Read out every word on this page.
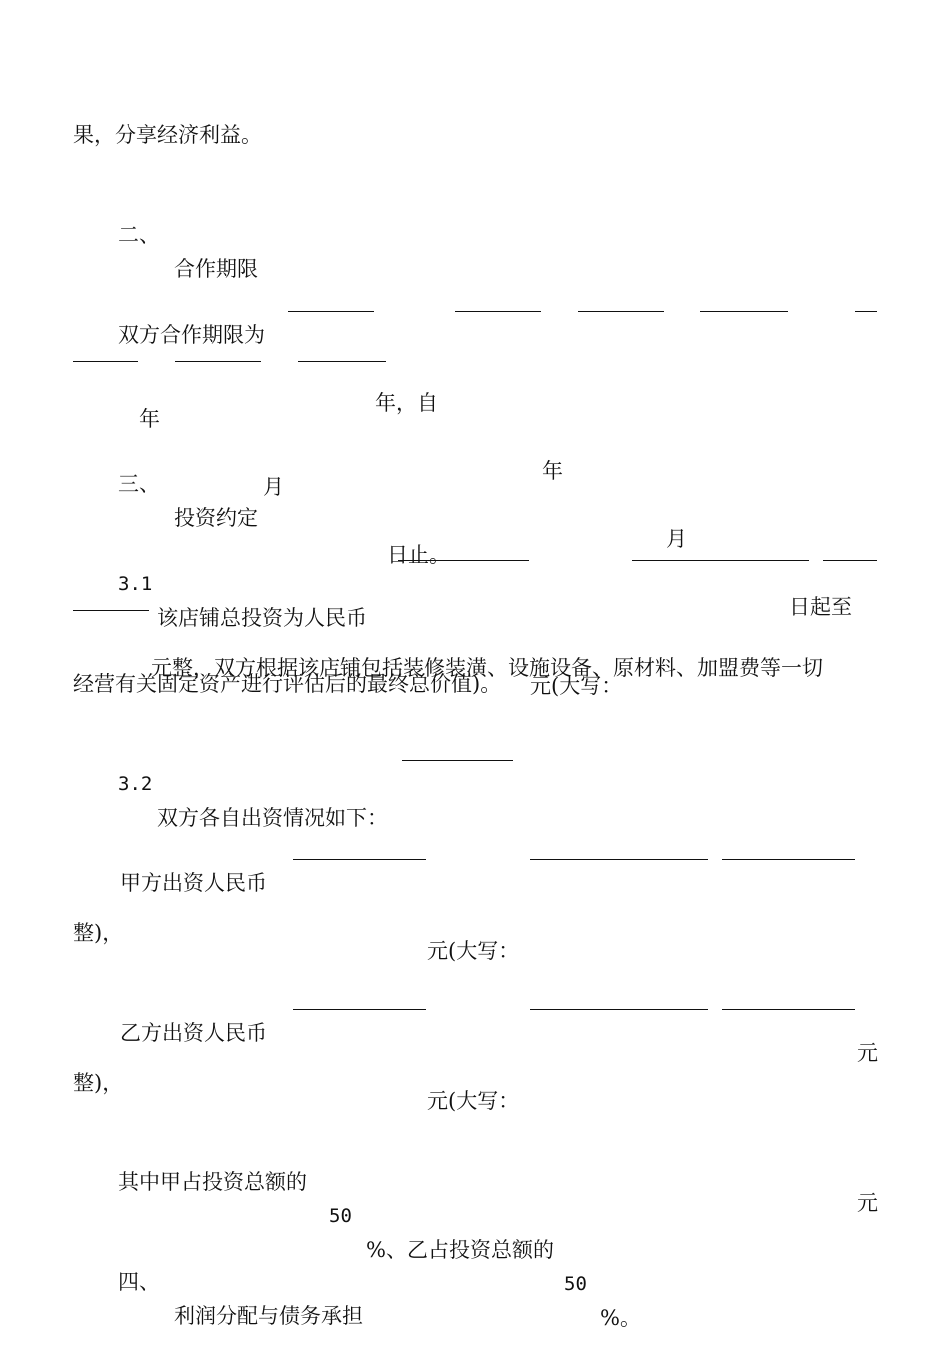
果，分享经济利益。

二、

合作期限

双方合作期限为

年，自

年

月

日起至

年

月

日止。

三、

投资约定

3.1

该店铺总投资为人民币

元(大写：

元整，双方根据该店铺包括装修装潢、设施设备、原材料、加盟费等一切

经营有关固定资产进行评估后的最终总价值)。

3.2

双方各自出资情况如下：

甲方出资人民币

元(大写：

元

整)，

乙方出资人民币

元(大写：

元

整)，

其中甲占投资总额的

50

%、乙占投资总额的

50

%。

四、

利润分配与债务承担
